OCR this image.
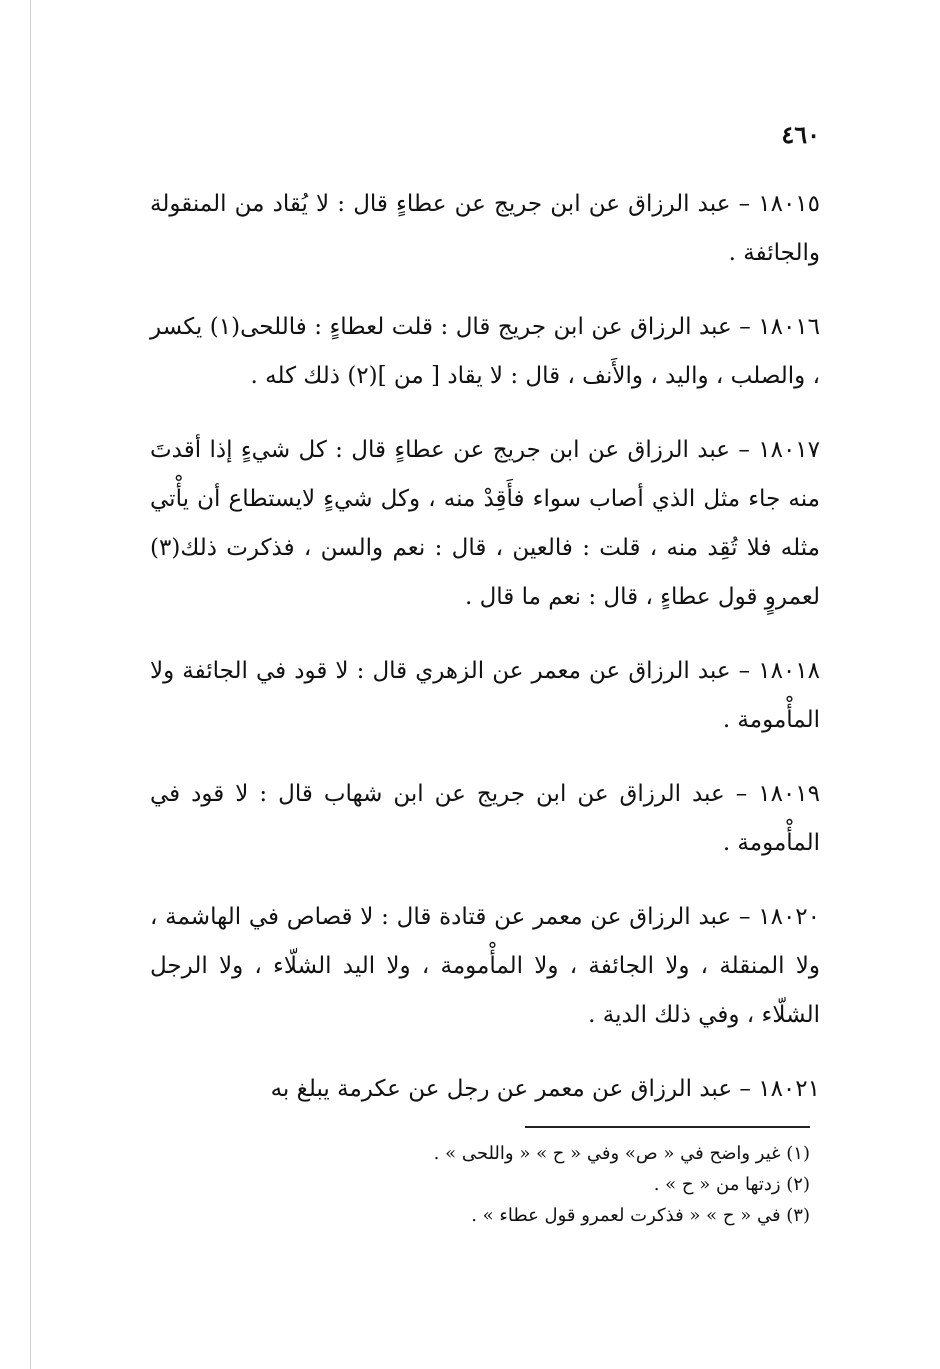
٤٦٠

١٨٠١٥ – عبد الرزاق عن ابن جريج عن عطاءٍ قال : لا يُقاد من المنقولة والجائفة .

١٨٠١٦ – عبد الرزاق عن ابن جريج قال : قلت لعطاءٍ : فاللحى(١) يكسر ، والصلب ، واليد ، والأَنف ، قال : لا يقاد [ من ](٢) ذلك كله .

١٨٠١٧ – عبد الرزاق عن ابن جريج عن عطاءٍ قال : كل شيءٍ إذا أقدتَ منه جاء مثل الذي أصاب سواء فأَقِدْ منه ، وكل شيءٍ لايستطاع أن يأْتي مثله فلا تُقِد منه ، قلت : فالعين ، قال : نعم والسن ، فذكرت ذلك(٣) لعمروٍ قول عطاءٍ ، قال : نعم ما قال .

١٨٠١٨ – عبد الرزاق عن معمر عن الزهري قال : لا قود في الجائفة ولا المأْمومة .

١٨٠١٩ – عبد الرزاق عن ابن جريج عن ابن شهاب قال : لا قود في المأْمومة .

١٨٠٢٠ – عبد الرزاق عن معمر عن قتادة قال : لا قصاص في الهاشمة ، ولا المنقلة ، ولا الجائفة ، ولا المأْمومة ، ولا اليد الشلّاء ، ولا الرجل الشلّاء ، وفي ذلك الدية .

١٨٠٢١ – عبد الرزاق عن معمر عن رجل عن عكرمة يبلغ به

(١) غير واضح في « ص» وفي « ح » « واللحى » .

(٢) زدتها من « ح » .

(٣) في « ح » « فذكرت لعمرو قول عطاء » .
